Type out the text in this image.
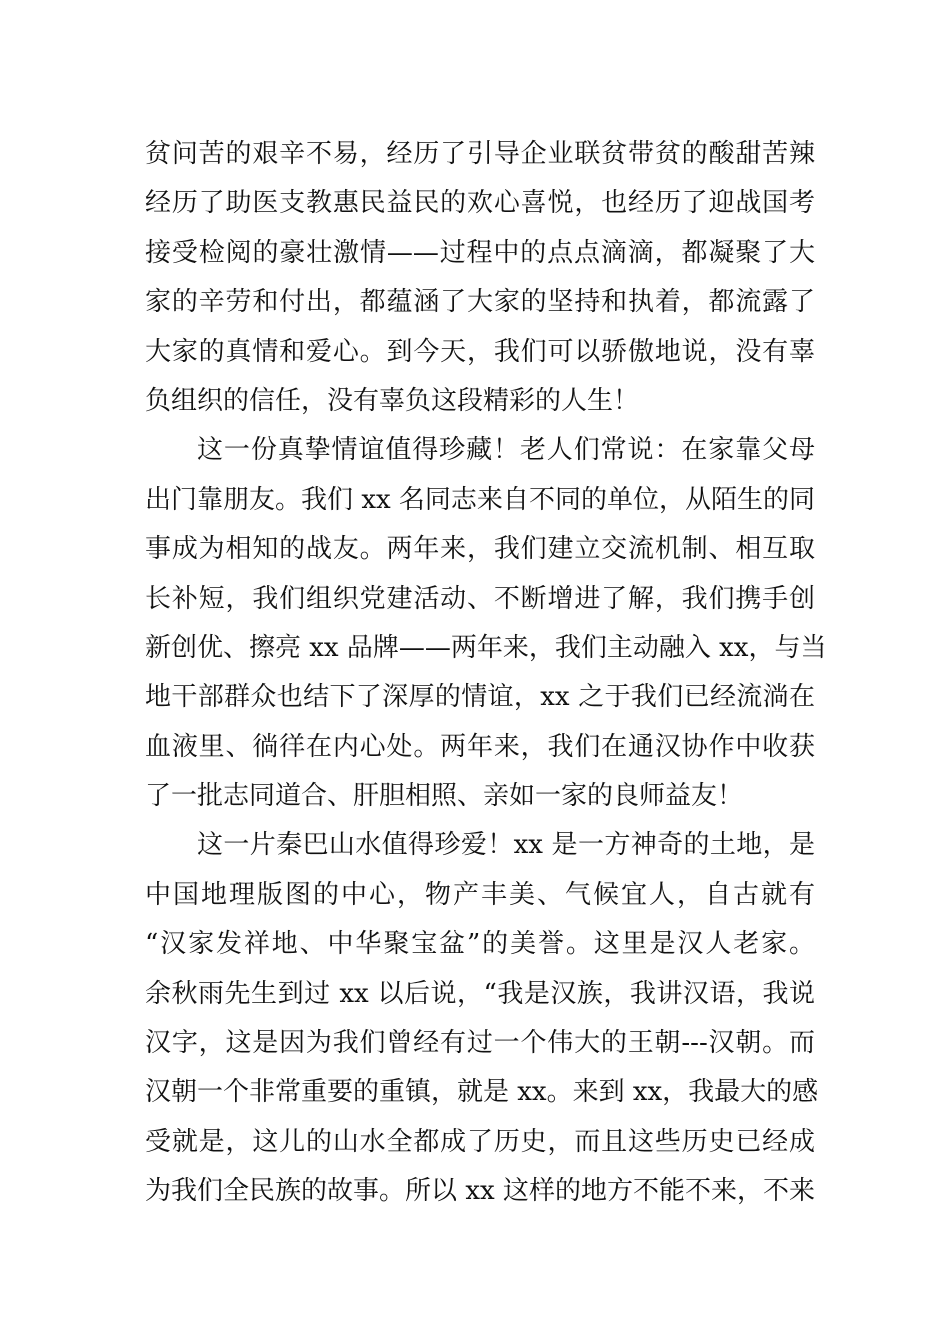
贫问苦的艰辛不易，经历了引导企业联贫带贫的酸甜苦辣
经历了助医支教惠民益民的欢心喜悦，也经历了迎战国考
接受检阅的豪壮激情——过程中的点点滴滴，都凝聚了大
家的辛劳和付出，都蕴涵了大家的坚持和执着，都流露了
大家的真情和爱心。到今天，我们可以骄傲地说，没有辜
负组织的信任，没有辜负这段精彩的人生！
这一份真挚情谊值得珍藏！老人们常说：在家靠父母
出门靠朋友。我们 xx 名同志来自不同的单位，从陌生的同
事成为相知的战友。两年来，我们建立交流机制、相互取
长补短，我们组织党建活动、不断增进了解，我们携手创
新创优、擦亮 xx 品牌——两年来，我们主动融入 xx，与当
地干部群众也结下了深厚的情谊，xx 之于我们已经流淌在
血液里、徜徉在内心处。两年来，我们在通汉协作中收获
了一批志同道合、肝胆相照、亲如一家的良师益友！
这一片秦巴山水值得珍爱！xx 是一方神奇的土地，是
中国地理版图的中心，物产丰美、气候宜人，自古就有
“汉家发祥地、中华聚宝盆”的美誉。这里是汉人老家。
余秋雨先生到过 xx 以后说，“我是汉族，我讲汉语，我说
汉字，这是因为我们曾经有过一个伟大的王朝---汉朝。而
汉朝一个非常重要的重镇，就是 xx。来到 xx，我最大的感
受就是，这儿的山水全都成了历史，而且这些历史已经成
为我们全民族的故事。所以 xx 这样的地方不能不来，不来
